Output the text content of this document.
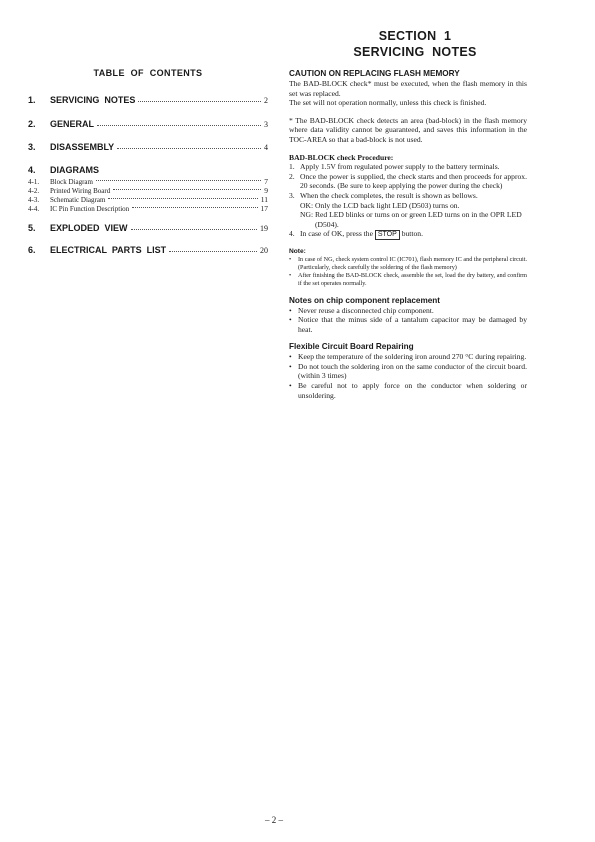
SECTION  1
SERVICING  NOTES
TABLE  OF  CONTENTS
1.	SERVICING  NOTES	2
2.	GENERAL	3
3.	DISASSEMBLY	4
4.	DIAGRAMS
4-1.	Block Diagram	7
4-2.	Printed Wiring Board	9
4-3.	Schematic Diagram	11
4-4.	IC Pin Function Description	17
5.	EXPLODED  VIEW	19
6.	ELECTRICAL  PARTS  LIST	20
CAUTION ON REPLACING FLASH MEMORY

The BAD-BLOCK check* must be executed, when the flash memory in this set was replaced.

The set will not operation normally, unless this check is finished.

* The BAD-BLOCK check detects an area (bad-block) in the flash memory where data validity cannot be guaranteed, and saves this information in the TOC-AREA so that a bad-block is not used.

BAD-BLOCK check Procedure:
1. Apply 1.5V from regulated power supply to the battery terminals.
2. Once the power is supplied, the check starts and then proceeds for approx. 20 seconds. (Be sure to keep applying the power during the check)
3. When the check completes, the result is shown as bellows.
OK: Only the LCD back light LED (D503) turns on.
NG: Red LED blinks or turns on or green LED turns on in the OPR LED (D504).
4. In case of OK, press the STOP button.
Note:
•	In case of NG, check system control IC (IC701), flash memory IC and the peripheral circuit. (Particularly, check carefully the soldering of the flash memory)
•	After finishing the BAD-BLOCK check, assemble the set, load the dry battery, and confirm if the set operates normally.
Notes on chip component replacement
• Never reuse a disconnected chip component.
• Notice that the minus side of a tantalum capacitor may be damaged by heat.
Flexible Circuit Board Repairing
• Keep the temperature of the soldering iron around 270 °C during repairing.
• Do not touch the soldering iron on the same conductor of the circuit board. (within 3 times)
• Be careful not to apply force on the conductor when soldering or unsoldering.
– 2 –
